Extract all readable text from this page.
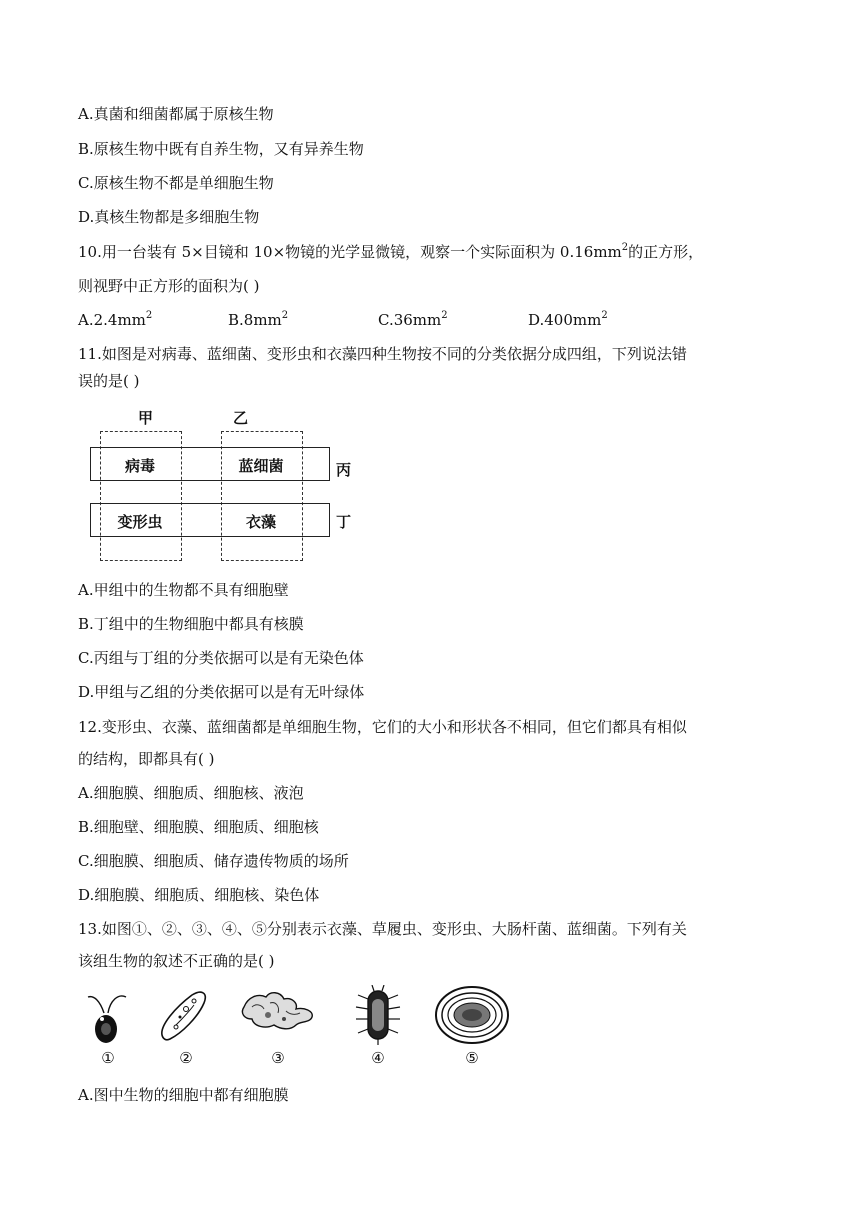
A.真菌和细菌都属于原核生物
B.原核生物中既有自养生物，又有异养生物
C.原核生物不都是单细胞生物
D.真核生物都是多细胞生物
10.用一台装有 5×目镜和 10×物镜的光学显微镜，观察一个实际面积为 $0.16mm^2$的正方形，
则视野中正方形的面积为( )
$A.2.4mm^2$	$B.8mm^2$	$C.36mm^2$	$D.400mm^2$
11.如图是对病毒、蓝细菌、变形虫和衣藻四种生物按不同的分类依据分成四组，下列说法错
误的是( )
甲	乙
病毒	蓝细菌
变形虫	衣藻
丙
丁
A.甲组中的生物都不具有细胞壁
B.丁组中的生物细胞中都具有核膜
C.丙组与丁组的分类依据可以是有无染色体
D.甲组与乙组的分类依据可以是有无叶绿体
12.变形虫、衣藻、蓝细菌都是单细胞生物，它们的大小和形状各不相同，但它们都具有相似
的结构，即都具有( )
A.细胞膜、细胞质、细胞核、液泡
B.细胞壁、细胞膜、细胞质、细胞核
C.细胞膜、细胞质、储存遗传物质的场所
D.细胞膜、细胞质、细胞核、染色体
13.如图①、②、③、④、⑤分别表示衣藻、草履虫、变形虫、大肠杆菌、蓝细菌。下列有关
该组生物的叙述不正确的是( )
①	②	③	④	⑤
A.图中生物的细胞中都有细胞膜
